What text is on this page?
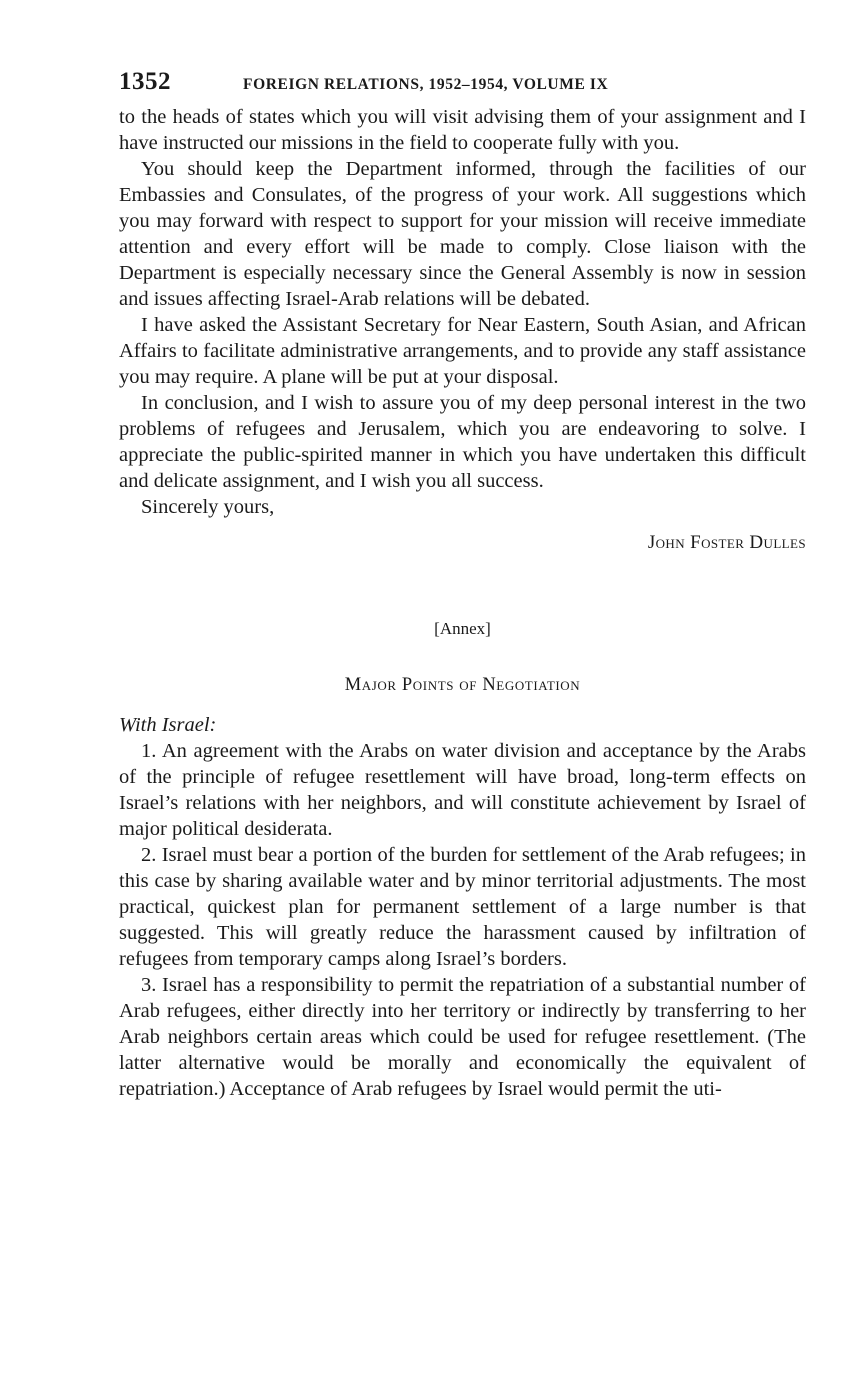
1352	FOREIGN RELATIONS, 1952–1954, VOLUME IX

to the heads of states which you will visit advising them of your assignment and I have instructed our missions in the field to cooperate fully with you.

You should keep the Department informed, through the facilities of our Embassies and Consulates, of the progress of your work. All suggestions which you may forward with respect to support for your mission will receive immediate attention and every effort will be made to comply. Close liaison with the Department is especially necessary since the General Assembly is now in session and issues affecting Israel-Arab relations will be debated.

I have asked the Assistant Secretary for Near Eastern, South Asian, and African Affairs to facilitate administrative arrangements, and to provide any staff assistance you may require. A plane will be put at your disposal.

In conclusion, and I wish to assure you of my deep personal interest in the two problems of refugees and Jerusalem, which you are endeavoring to solve. I appreciate the public-spirited manner in which you have undertaken this difficult and delicate assignment, and I wish you all success.

Sincerely yours,

John Foster Dulles
[Annex]
Major Points of Negotiation
With Israel:

1. An agreement with the Arabs on water division and acceptance by the Arabs of the principle of refugee resettlement will have broad, long-term effects on Israel’s relations with her neighbors, and will constitute achievement by Israel of major political desiderata.

2. Israel must bear a portion of the burden for settlement of the Arab refugees; in this case by sharing available water and by minor territorial adjustments. The most practical, quickest plan for permanent settlement of a large number is that suggested. This will greatly reduce the harassment caused by infiltration of refugees from temporary camps along Israel’s borders.

3. Israel has a responsibility to permit the repatriation of a substantial number of Arab refugees, either directly into her territory or indirectly by transferring to her Arab neighbors certain areas which could be used for refugee resettlement. (The latter alternative would be morally and economically the equivalent of repatriation.) Acceptance of Arab refugees by Israel would permit the uti-
